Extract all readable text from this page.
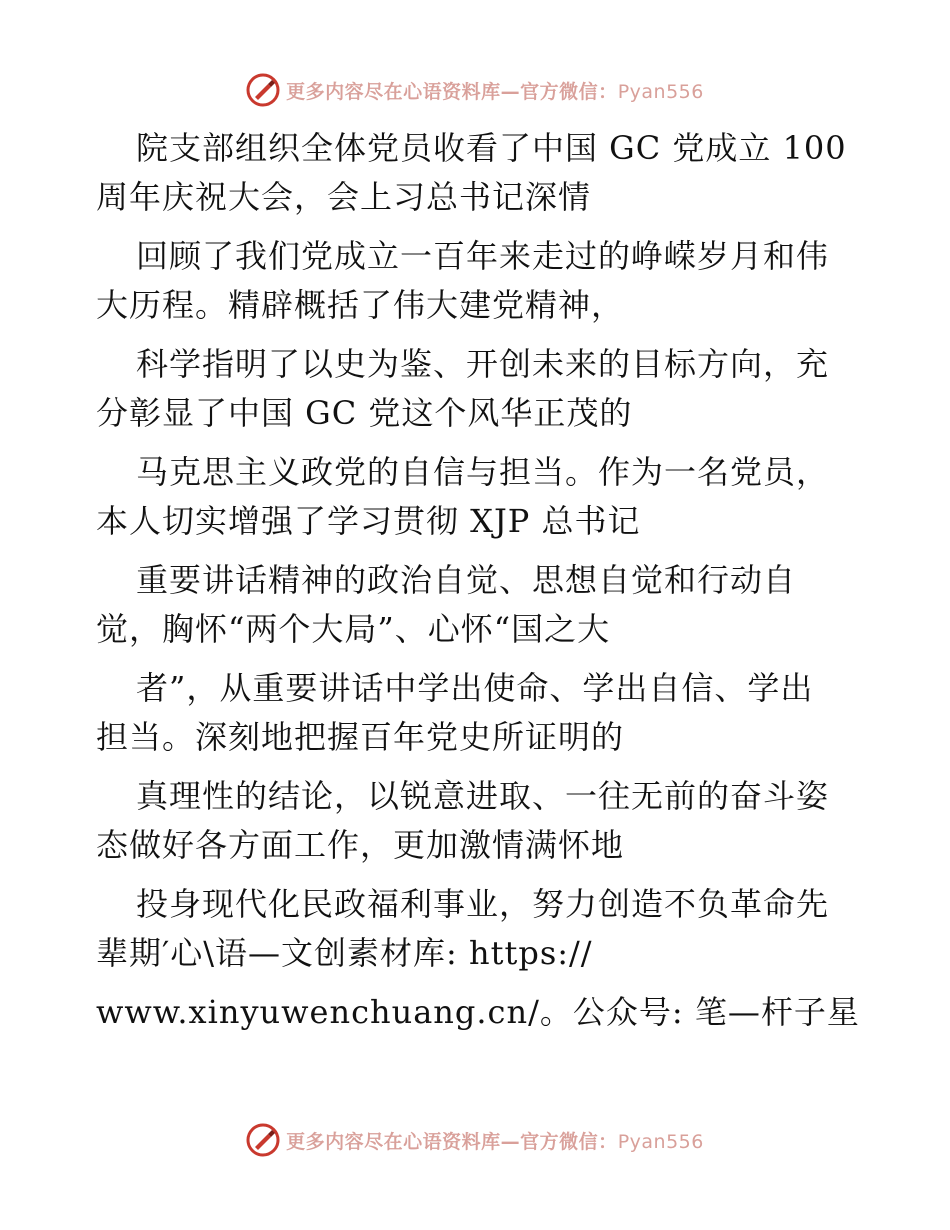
更多内容尽在心语资料库—官方微信：Pyan556
院支部组织全体党员收看了中国 GC 党成立 100
周年庆祝大会，会上习总书记深情
回顾了我们党成立一百年来走过的峥嵘岁月和伟
大历程。精辟概括了伟大建党精神，
科学指明了以史为鉴、开创未来的目标方向，充
分彰显了中国 GC 党这个风华正茂的
马克思主义政党的自信与担当。作为一名党员，
本人切实增强了学习贯彻 XJP 总书记
重要讲话精神的政治自觉、思想自觉和行动自
觉，胸怀“两个大局”、心怀“国之大
者”，从重要讲话中学出使命、学出自信、学出
担当。深刻地把握百年党史所证明的
真理性的结论，以锐意进取、一往无前的奋斗姿
态做好各方面工作，更加激情满怀地
投身现代化民政福利事业，努力创造不负革命先
辈期′心\语—文创素材库: https://
www.xinyuwenchuang.cn/。公众号: 笔—杆子星
更多内容尽在心语资料库—官方微信：Pyan556
